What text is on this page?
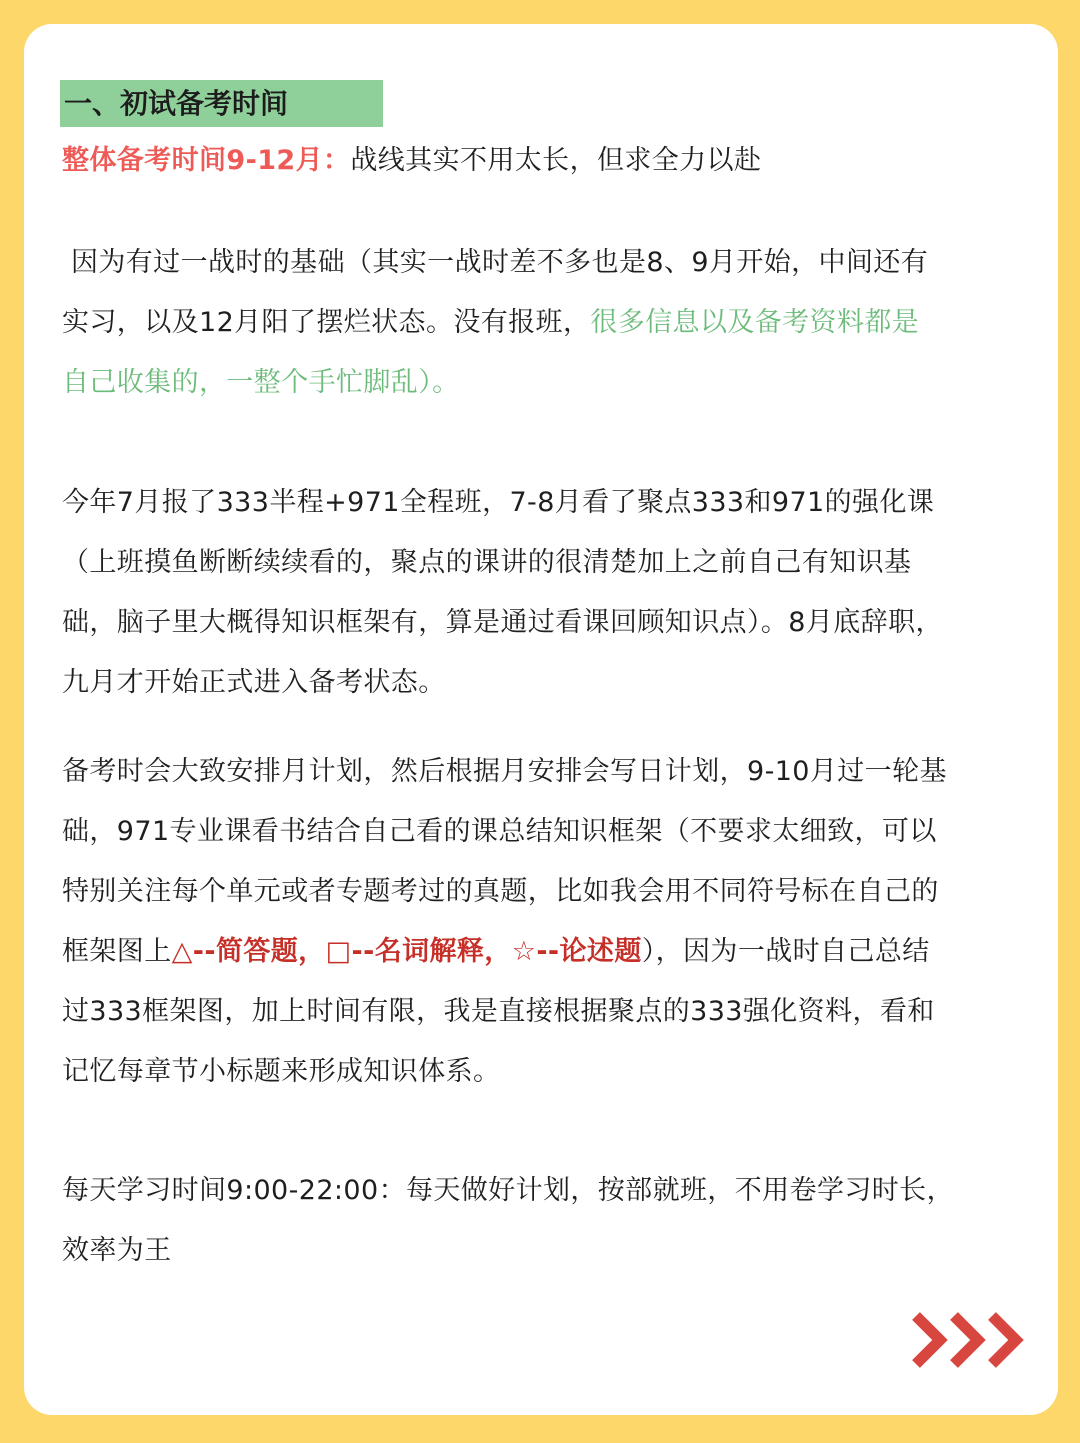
一、初试备考时间

整体备考时间9-12月：战线其实不用太长，但求全力以赴

因为有过一战时的基础（其实一战时差不多也是8、9月开始，中间还有
实习，以及12月阳了摆烂状态。没有报班，很多信息以及备考资料都是
自己收集的，一整个手忙脚乱）。

今年7月报了333半程+971全程班，7-8月看了聚点333和971的强化课
（上班摸鱼断断续续看的，聚点的课讲的很清楚加上之前自己有知识基
础，脑子里大概得知识框架有，算是通过看课回顾知识点）。8月底辞职，
九月才开始正式进入备考状态。

备考时会大致安排月计划，然后根据月安排会写日计划，9-10月过一轮基
础，971专业课看书结合自己看的课总结知识框架（不要求太细致，可以
特别关注每个单元或者专题考过的真题，比如我会用不同符号标在自己的
框架图上△--简答题，□--名词解释，☆--论述题），因为一战时自己总结
过333框架图，加上时间有限，我是直接根据聚点的333强化资料，看和
记忆每章节小标题来形成知识体系。

每天学习时间9:00-22:00：每天做好计划，按部就班，不用卷学习时长，
效率为王
